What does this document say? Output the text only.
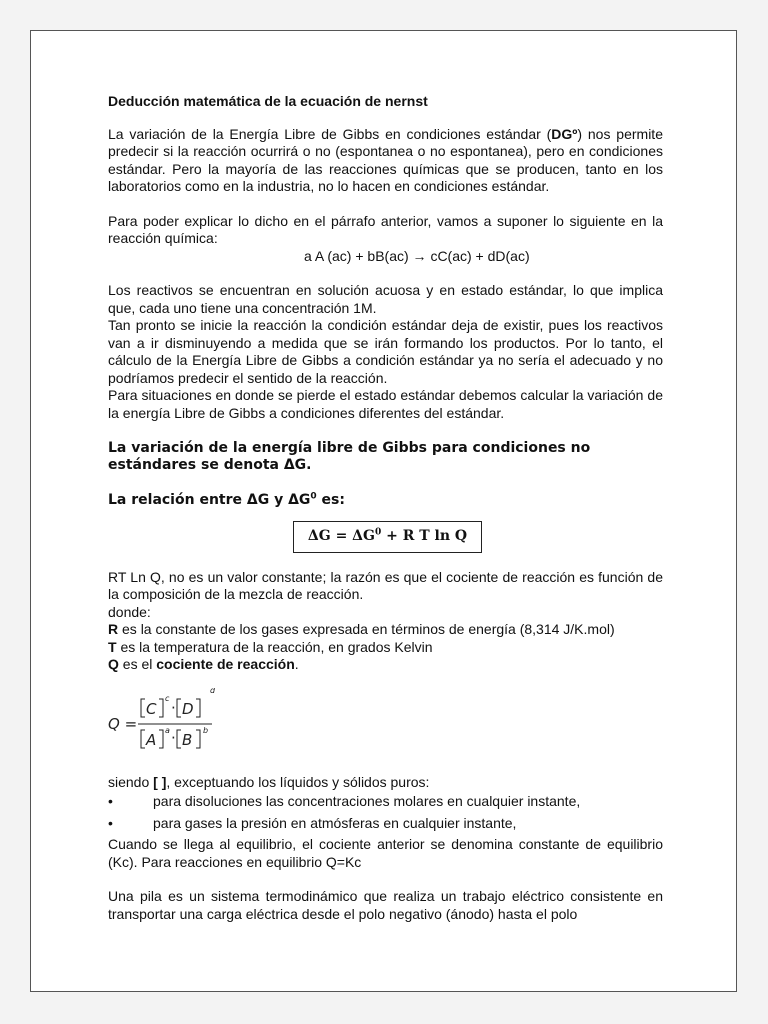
Deducción matemática de la ecuación de nernst

La variación de la Energía Libre de Gibbs en condiciones estándar (DGº) nos permite predecir si la reacción ocurrirá o no (espontanea o no espontanea), pero en condiciones estándar. Pero la mayoría de las reacciones químicas que se producen, tanto en los laboratorios como en la industria, no lo hacen en condiciones estándar.

Para poder explicar lo dicho en el párrafo anterior, vamos a suponer lo siguiente en la reacción química:

a A (ac) + bB(ac) → cC(ac) + dD(ac)

Los reactivos se encuentran en solución acuosa y en estado estándar, lo que implica que, cada uno tiene una concentración 1M.

Tan pronto se inicie la reacción la condición estándar deja de existir, pues los reactivos van a ir disminuyendo a medida que se irán formando los productos. Por lo tanto, el cálculo de la Energía Libre de Gibbs a condición estándar ya no sería el adecuado y no podríamos predecir el sentido de la reacción.

Para situaciones en donde se pierde el estado estándar debemos calcular la variación de la energía Libre de Gibbs a condiciones diferentes del estándar.

La variación de la energía libre de Gibbs para condiciones no estándares se denota ΔG.

La relación entre ΔG y $\Delta G^0$ es:

$\Delta G = \Delta G^0 + R$ T ln Q

RT Ln Q, no es un valor constante; la razón es que el cociente de reacción es función de la composición de la mezcla de reacción.

donde:

R es la constante de los gases expresada en términos de energía (8,314 J/K.mol)

T es la temperatura de la reacción, en grados Kelvin

Q es el cociente de reacción.

Q =
C
c
· D
d
A
a · B
b

siendo [ ], exceptuando los líquidos y sólidos puros:

•	para disoluciones las concentraciones molares en cualquier instante,
•	para gases la presión en atmósferas en cualquier instante,

Cuando se llega al equilibrio, el cociente anterior se denomina constante de equilibrio (Kc). Para reacciones en equilibrio Q=Kc

Una pila es un sistema termodinámico que realiza un trabajo eléctrico consistente en transportar una carga eléctrica desde el polo negativo (ánodo) hasta el polo
